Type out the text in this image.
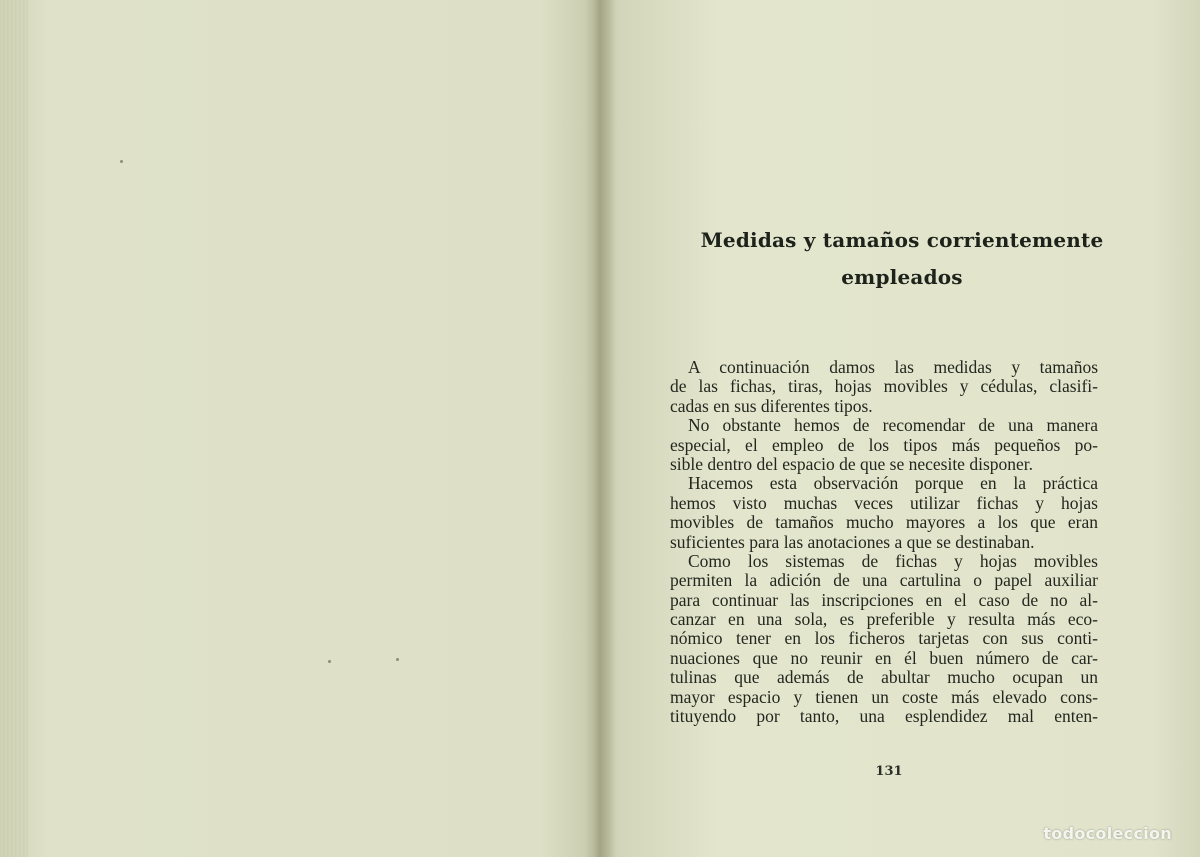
Medidas y tamaños corrientemente empleados
A continuación damos las medidas y tamaños
de las fichas, tiras, hojas movibles y cédulas, clasifi-
cadas en sus diferentes tipos.
No obstante hemos de recomendar de una manera
especial, el empleo de los tipos más pequeños po-
sible dentro del espacio de que se necesite disponer.
Hacemos esta observación porque en la práctica
hemos visto muchas veces utilizar fichas y hojas
movibles de tamaños mucho mayores a los que eran
suficientes para las anotaciones a que se destinaban.
Como los sistemas de fichas y hojas movibles
permiten la adición de una cartulina o papel auxiliar
para continuar las inscripciones en el caso de no al-
canzar en una sola, es preferible y resulta más eco-
nómico tener en los ficheros tarjetas con sus conti-
nuaciones que no reunir en él buen número de car-
tulinas que además de abultar mucho ocupan un
mayor espacio y tienen un coste más elevado cons-
tituyendo por tanto, una esplendidez mal enten-
131
todocoleccion
